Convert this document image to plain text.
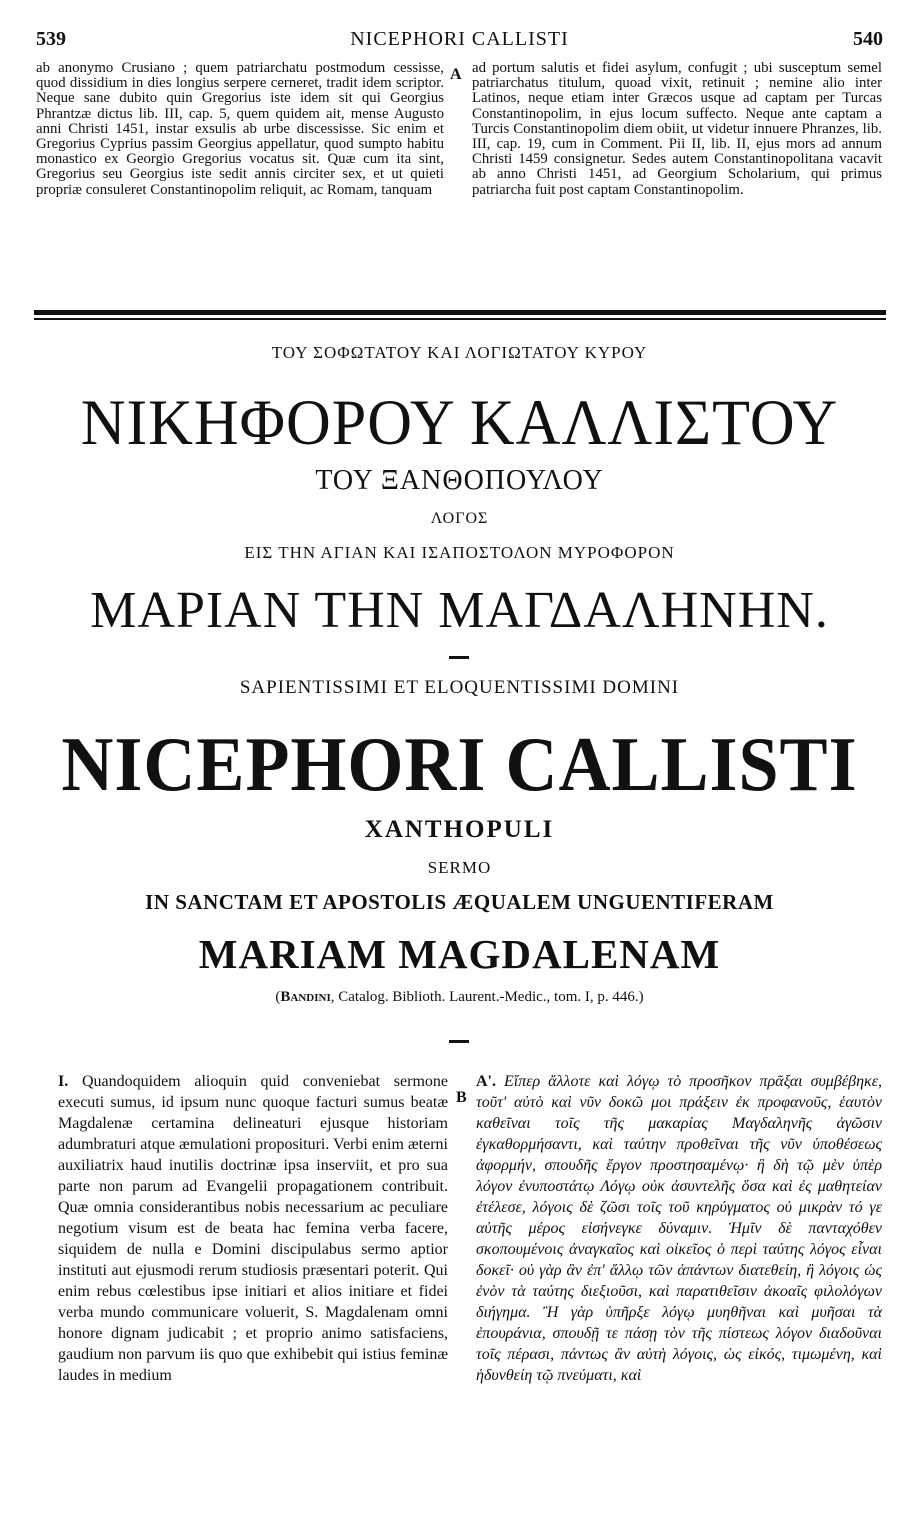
539	NICEPHORI CALLISTI	540

ab anonymo Crusiano ; quem patriarchatu postmodum cessisse, quod dissidium in dies longius serpere cerneret, tradit idem scriptor. Neque sane dubito quin Gregorius iste idem sit qui Georgius Phrantzæ dictus lib. III, cap. 5, quem quidem ait, mense Augusto anni Christi 1451, instar exsulis ab urbe discessisse. Sic enim et Gregorius Cyprius passim Georgius appellatur, quod sumpto habitu monastico ex Georgio Gregorius vocatus sit. Quæ cum ita sint, Gregorius seu Georgius iste sedit annis circiter sex, et ut quieti propriæ consuleret Constantinopolim reliquit, ac Romam, tanquam

A ad portum salutis et fidei asylum, confugit ; ubi susceptum semel patriarchatus titulum, quoad vixit, retinuit ; nemine alio inter Latinos, neque etiam inter Græcos usque ad captam per Turcas Constantinopolim, in ejus locum suffecto. Neque ante captam a Turcis Constantinopolim diem obiit, ut videtur innuere Phranzes, lib. III, cap. 19, cum in Comment. Pii II, lib. II, ejus mors ad annum Christi 1459 consignetur. Sedes autem Constantinopolitana vacavit ab anno Christi 1451, ad Georgium Scholarium, qui primus patriarcha fuit post captam Constantinopolim.

ΤΟΥ ΣΟΦΩΤΑΤΟΥ ΚΑΙ ΛΟΓΙΩΤΑΤΟΥ ΚΥΡΟΥ
ΝΙΚΗΦΟΡΟΥ ΚΑΛΛΙΣΤΟΥ
ΤΟΥ ΞΑΝΘΟΠΟΥΛΟΥ
ΛΟΓΟΣ
ΕΙΣ ΤΗΝ ΑΓΙΑΝ ΚΑΙ ΙΣΑΠΟΣΤΟΛΟΝ ΜΥΡΟΦΟΡΟΝ
ΜΑΡΙΑΝ ΤΗΝ ΜΑΓΔΑΛΗΝΗΝ.
SAPIENTISSIMI ET ELOQUENTISSIMI DOMINI
NICEPHORI CALLISTI
XANTHOPULI
SERMO
IN SANCTAM ET APOSTOLIS ÆQUALEM UNGUENTIFERAM
MARIAM MAGDALENAM
(Bandini, Catalog. Biblioth. Laurent.-Medic., tom. I, p. 446.)

I. Quandoquidem alioquin quid conveniebat sermone executi sumus, id ipsum nunc quoque facturi sumus beatæ Magdalenæ certamina delineaturi ejusque historiam adumbraturi atque æmulationi proposituri. Verbi enim æterni auxiliatrix haud inutilis doctrinæ ipsa inserviit, et pro sua parte non parum ad Evangelii propagationem contribuit. Quæ omnia considerantibus nobis necessarium ac peculiare negotium visum est de beata hac femina verba facere, siquidem de nulla e Domini discipulabus sermo aptior instituti aut ejusmodi rerum studiosis præsentari poterit. Qui enim rebus cœlestibus ipse initiari et alios initiare et fidei verba mundo communicare voluerit, S. Magdalenam omni honore dignam judicabit ; et proprio animo satisfaciens, gaudium non parvum iis quo que exhibebit qui istius feminæ laudes in medium

B

Α'. Εἴπερ ἄλλοτε καὶ λόγῳ τὸ προσῆκον πρᾶξαι συμβέβηκε, τοῦτ' αὐτὸ καὶ νῦν δοκῶ μοι πράξειν ἐκ προφανοῦς, ἑαυτὸν καθεῖναι τοῖς τῆς μακαρίας Μαγδαληνῆς ἀγῶσιν ἐγκαθορμήσαντι, καὶ ταύτην προθεῖναι τῆς νῦν ὑποθέσεως ἀφορμήν, σπουδῆς ἔργον προστησαμένῳ· ἣ δὴ τῷ μὲν ὑπὲρ λόγον ἐνυποστάτῳ Λόγῳ οὐκ ἀσυντελῆς ὅσα καὶ ἐς μαθητείαν ἐτέλεσε, λόγοις δὲ ζῶσι τοῖς τοῦ κηρύγματος οὐ μικρὰν τό γε αὐτῆς μέρος εἰσήνεγκε δύναμιν. Ἡμῖν δὲ πανταχόθεν σκοπουμένοις ἀναγκαῖος καὶ οἰκεῖος ὁ περὶ ταύτης λόγος εἶναι δοκεῖ· οὐ γὰρ ἂν ἐπ' ἄλλῳ τῶν ἁπάντων διατεθείη, ἢ λόγοις ὡς ἐνὸν τὰ ταύτης διεξιοῦσι, καὶ παρατιθεῖσιν ἀκοαῖς φιλολόγων διήγημα. Ἢ γὰρ ὑπῆρξε λόγῳ μυηθῆναι καὶ μυῆσαι τὰ ἐπουράνια, σπουδῇ τε πάσῃ τὸν τῆς πίστεως λόγον διαδοῦναι τοῖς πέρασι, πάντως ἂν αὐτὴ λόγοις, ὡς εἰκός, τιμωμένη, καὶ ἡδυνθείη τῷ πνεύματι, καὶ
